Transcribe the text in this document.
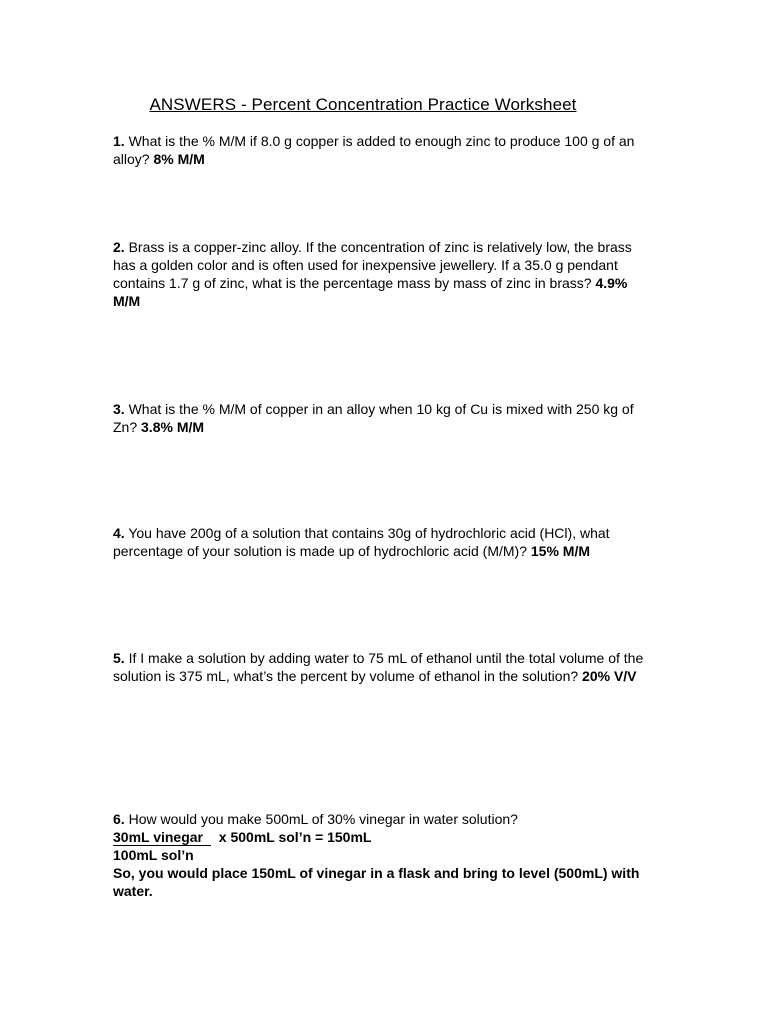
ANSWERS - Percent Concentration Practice Worksheet
1. What is the % M/M if 8.0 g copper is added to enough zinc to produce 100 g of an alloy? 8% M/M
2. Brass is a copper-zinc alloy. If the concentration of zinc is relatively low, the brass has a golden color and is often used for inexpensive jewellery. If a 35.0 g pendant contains 1.7 g of zinc, what is the percentage mass by mass of zinc in brass? 4.9% M/M
3. What is the % M/M of copper in an alloy when 10 kg of Cu is mixed with 250 kg of Zn? 3.8% M/M
4. You have 200g of a solution that contains 30g of hydrochloric acid (HCl), what percentage of your solution is made up of hydrochloric acid (M/M)? 15% M/M
5. If I make a solution by adding water to 75 mL of ethanol until the total volume of the solution is 375 mL, what’s the percent by volume of ethanol in the solution? 20% V/V
6. How would you make 500mL of 30% vinegar in water solution?
30mL vinegar x 500mL sol’n = 150mL
100mL sol’n
So, you would place 150mL of vinegar in a flask and bring to level (500mL) with water.
